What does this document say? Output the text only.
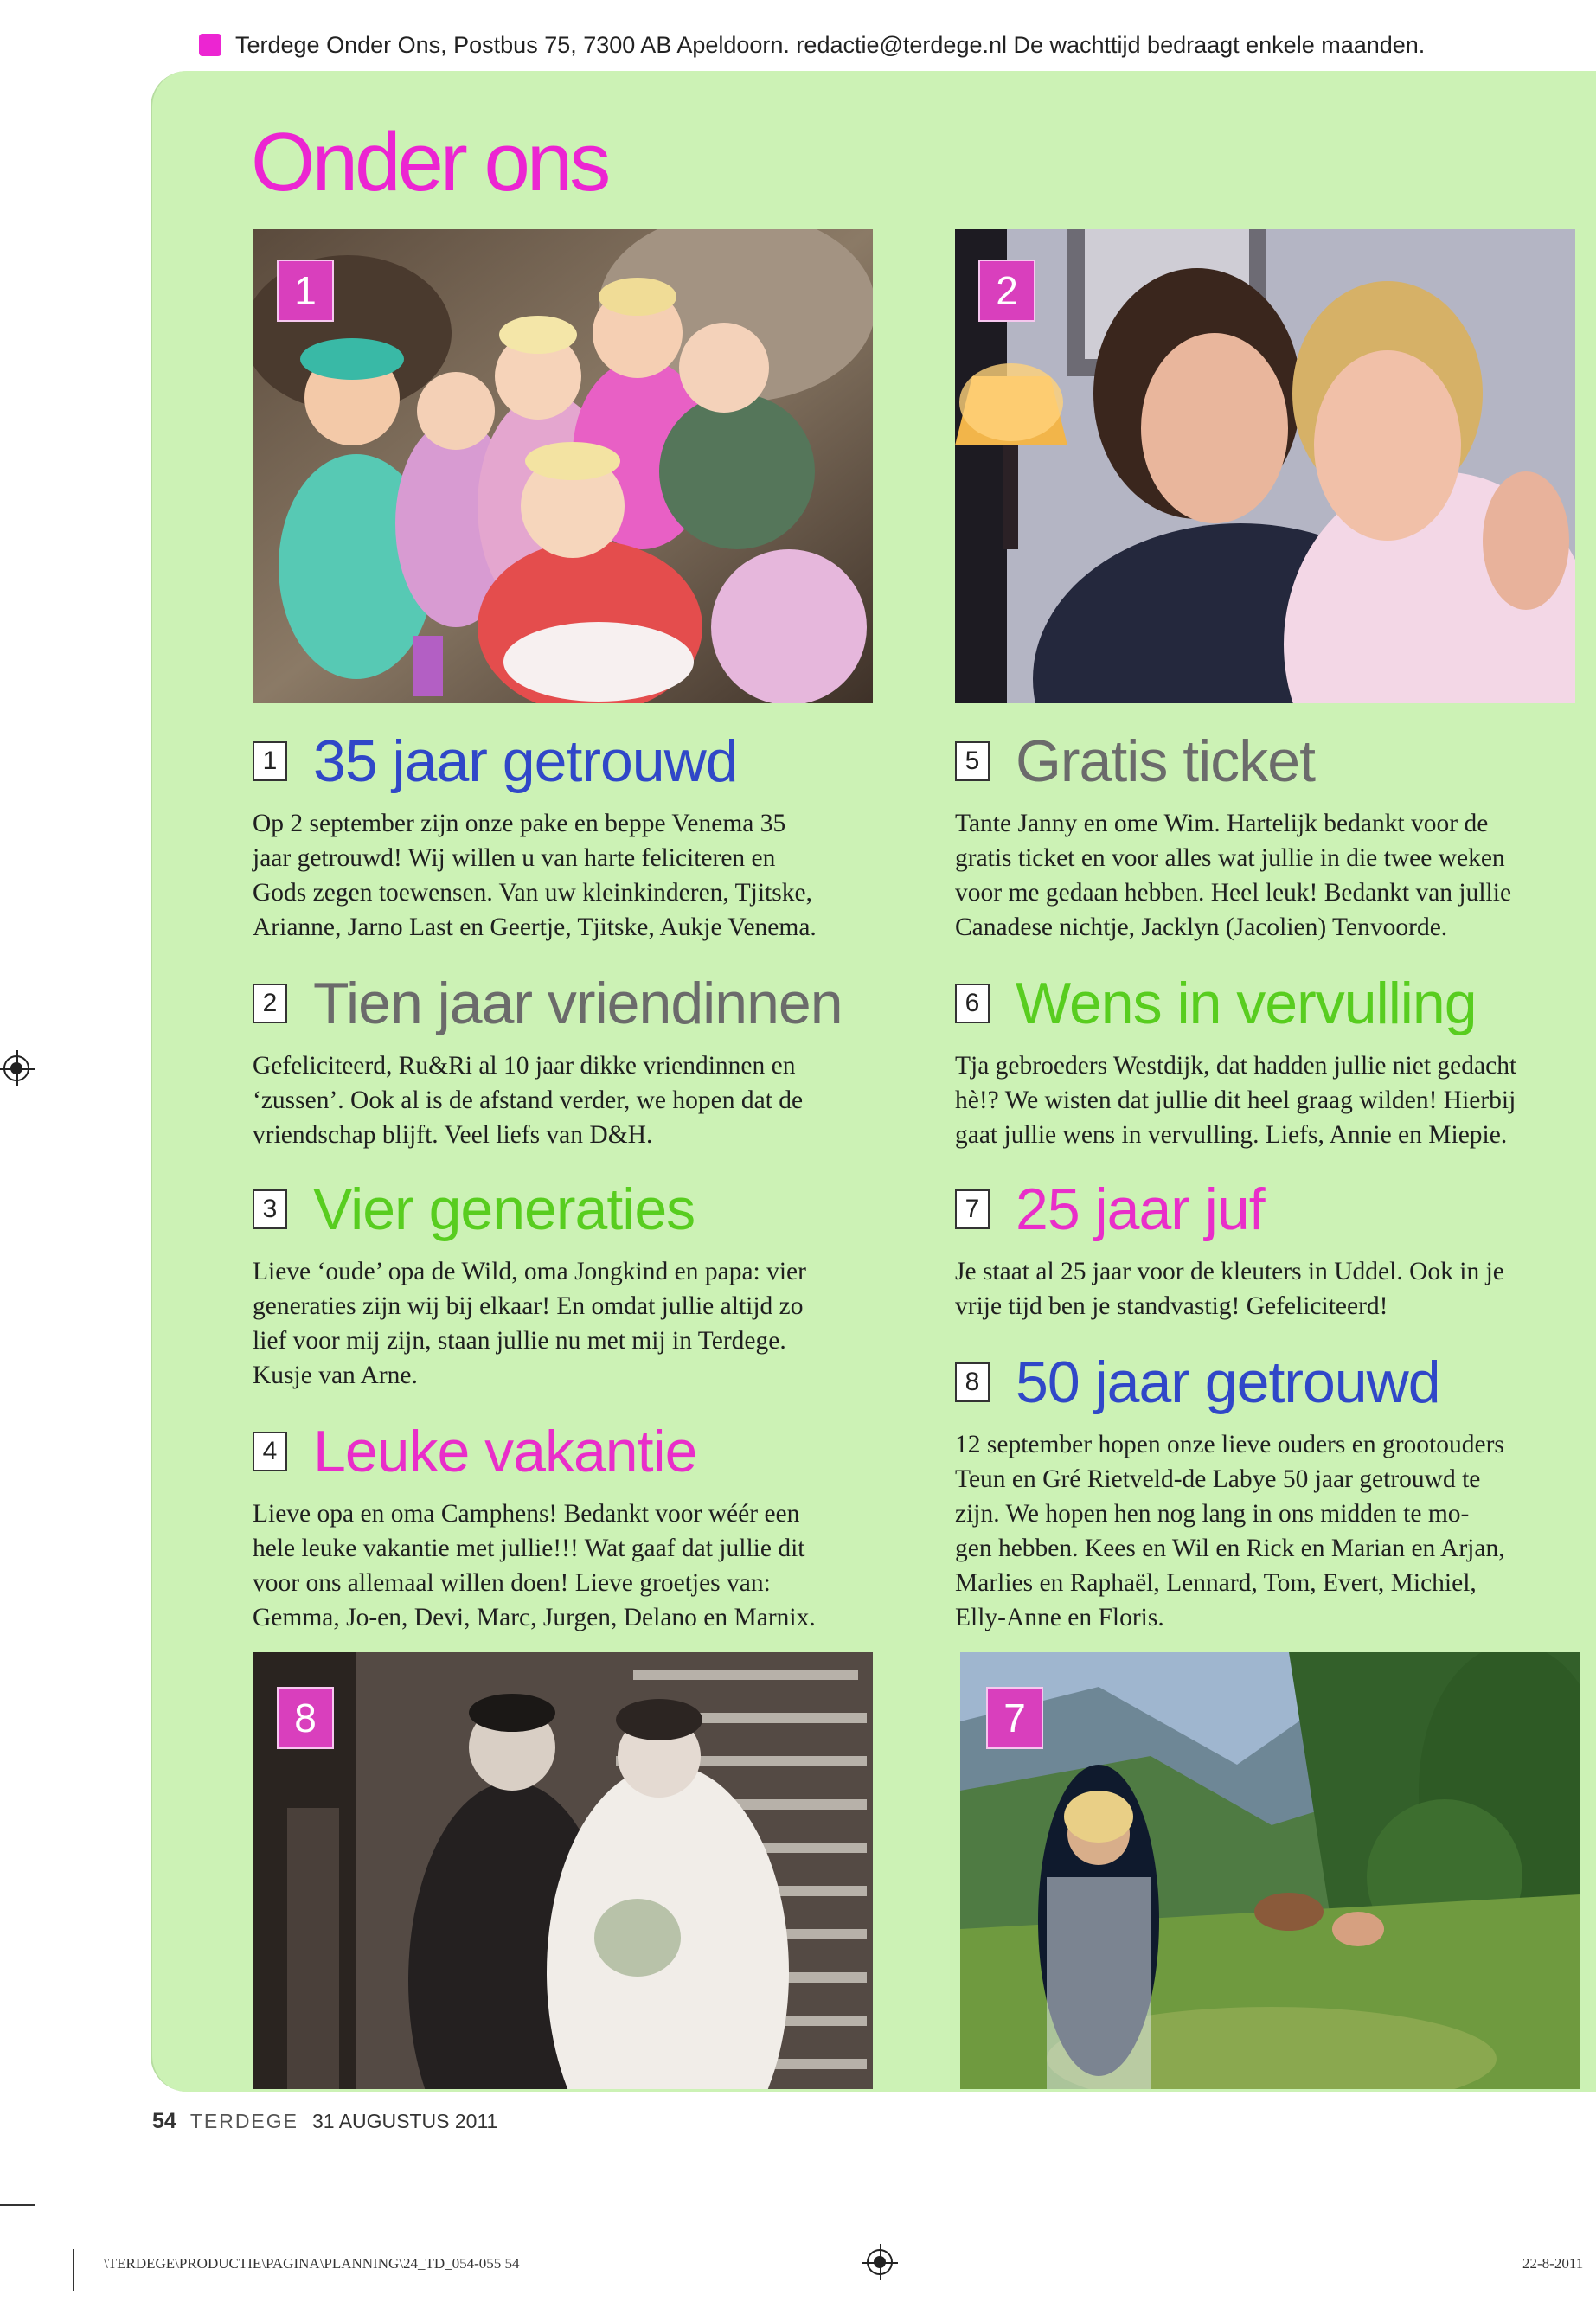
Terdege Onder Ons, Postbus 75, 7300 AB Apeldoorn. redactie@terdege.nl De wachttijd bedraagt enkele maanden.
Onder ons
1	2
8	7
1 35 jaar getrouwd
Op 2 september zijn onze pake en beppe Venema 35
jaar getrouwd! Wij willen u van harte feliciteren en
Gods zegen toewensen. Van uw kleinkinderen, Tjitske,
Arianne, Jarno Last en Geertje, Tjitske, Aukje Venema.
2 Tien jaar vriendinnen
Gefeliciteerd, Ru&Ri al 10 jaar dikke vriendinnen en
‘zussen’. Ook al is de afstand verder, we hopen dat de
vriendschap blijft. Veel liefs van D&H.
3 Vier generaties
Lieve ‘oude’ opa de Wild, oma Jongkind en papa: vier
generaties zijn wij bij elkaar! En omdat jullie altijd zo
lief voor mij zijn, staan jullie nu met mij in Terdege.
Kusje van Arne.
4 Leuke vakantie
Lieve opa en oma Camphens! Bedankt voor wéér een
hele leuke vakantie met jullie!!! Wat gaaf dat jullie dit
voor ons allemaal willen doen! Lieve groetjes van:
Gemma, Jo-en, Devi, Marc, Jurgen, Delano en Marnix.
5 Gratis ticket
Tante Janny en ome Wim. Hartelijk bedankt voor de
gratis ticket en voor alles wat jullie in die twee weken
voor me gedaan hebben. Heel leuk! Bedankt van jullie
Canadese nichtje, Jacklyn (Jacolien) Tenvoorde.
6 Wens in vervulling
Tja gebroeders Westdijk, dat hadden jullie niet gedacht
hè!? We wisten dat jullie dit heel graag wilden! Hierbij
gaat jullie wens in vervulling. Liefs, Annie en Miepie.
7 25 jaar juf
Je staat al 25 jaar voor de kleuters in Uddel. Ook in je
vrije tijd ben je standvastig! Gefeliciteerd!
8 50 jaar getrouwd
12 september hopen onze lieve ouders en grootouders
Teun en Gré Rietveld-de Labye 50 jaar getrouwd te
zijn. We hopen hen nog lang in ons midden te mo-
gen hebben. Kees en Wil en Rick en Marian en Arjan,
Marlies en Raphaël, Lennard, Tom, Evert, Michiel,
Elly-Anne en Floris.
54 TERDEGE 31 AUGUSTUS 2011
\TERDEGE\PRODUCTIE\PAGINA\PLANNING\24_TD_054-055 54	22-8-2011
